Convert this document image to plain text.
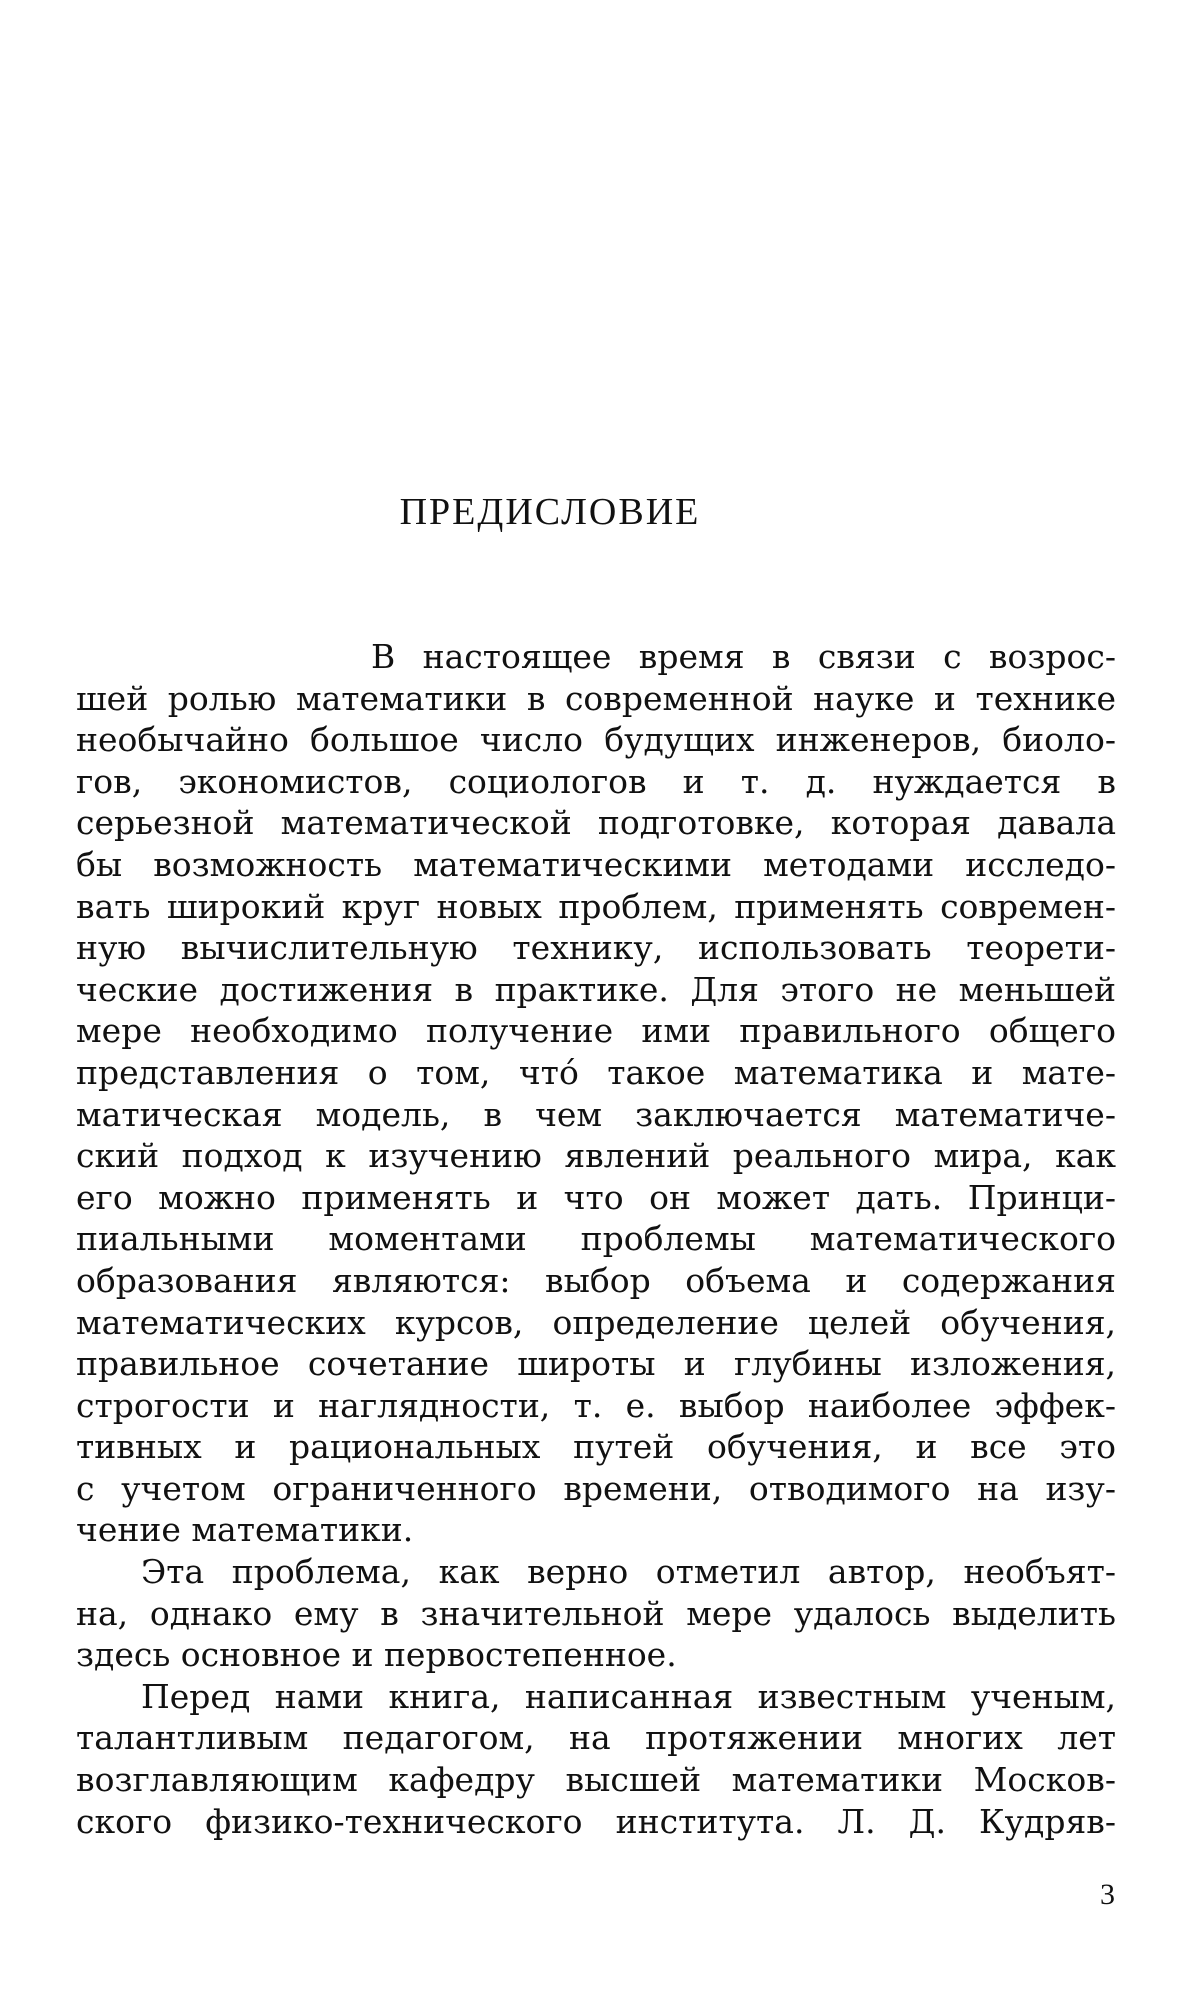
ПРЕДИСЛОВИЕ
В настоящее время в связи с возрос-
шей ролью математики в современной науке и технике
необычайно большое число будущих инженеров, биоло-
гов, экономистов, социологов и т. д. нуждается в
серьезной математической подготовке, которая давала
бы возможность математическими методами исследо-
вать широкий круг новых проблем, применять современ-
ную вычислительную технику, использовать теорети-
ческие достижения в практике. Для этого не меньшей
мере необходимо получение ими правильного общего
представления о том, что́ такое математика и мате-
матическая модель, в чем заключается математиче-
ский подход к изучению явлений реального мира, как
его можно применять и что он может дать. Принци-
пиальными моментами проблемы математического
образования являются: выбор объема и содержания
математических курсов, определение целей обучения,
правильное сочетание широты и глубины изложения,
строгости и наглядности, т. е. выбор наиболее эффек-
тивных и рациональных путей обучения, и все это
с учетом ограниченного времени, отводимого на изу-
чение математики.
Эта проблема, как верно отметил автор, необъят-
на, однако ему в значительной мере удалось выделить
здесь основное и первостепенное.
Перед нами книга, написанная известным ученым,
талантливым педагогом, на протяжении многих лет
возглавляющим кафедру высшей математики Москов-
ского физико-технического института. Л. Д. Кудряв-
3
